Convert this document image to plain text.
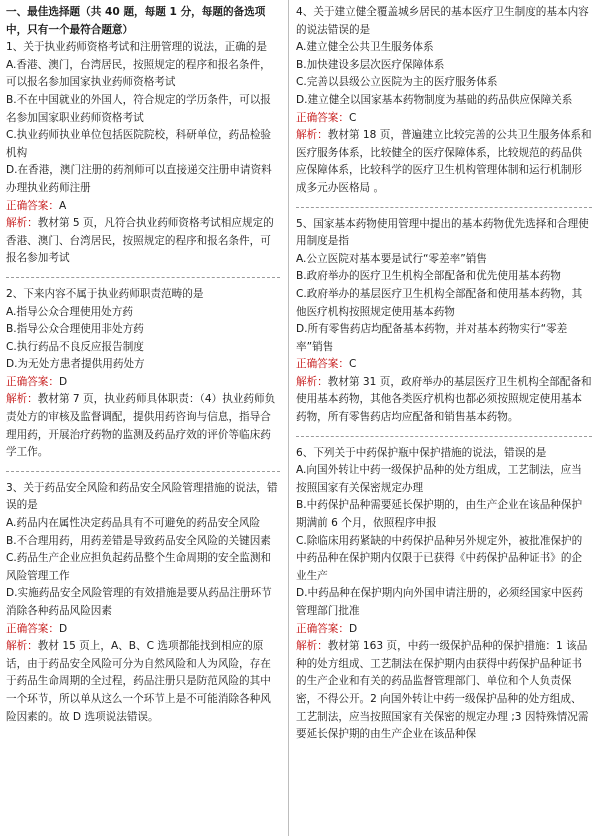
一、最佳选择题（共 40 题，每题 1 分，每题的备选项中，只有一个最符合题意）

1、关于执业药师资格考试和注册管理的说法，正确的是

A.香港、澳门，台湾居民，按照规定的程序和报名条件，可以报名参加国家执业药师资格考试

B.不在中国就业的外国人，符合规定的学历条件，可以报名参加国家职业药师资格考试

C.执业药师执业单位包括医院院校，科研单位，药品检验机构

D.在香港，澳门注册的药剂师可以直接递交注册申请资料办理执业药师注册

正确答案：A

解析：教材第 5 页，凡符合执业药师资格考试相应规定的香港、澳门、台湾居民，按照规定的程序和报名条件，可报名参加考试

2、下来内容不属于执业药师职责范畴的是

A.指导公众合理使用处方药

B.指导公众合理使用非处方药

C.执行药品不良反应报告制度

D.为无处方患者提供用药处方

正确答案：D

解析：教材第 7 页，执业药师具体职责：（4）执业药师负责处方的审核及监督调配，提供用药咨询与信息，指导合理用药，开展治疗药物的监测及药品疗效的评价等临床药学工作。

3、关于药品安全风险和药品安全风险管理措施的说法，错误的是

A.药品内在属性决定药品具有不可避免的药品安全风险

B.不合理用药，用药差错是导致药品安全风险的关键因素

C.药品生产企业应担负起药品整个生命周期的安全监测和风险管理工作

D.实施药品安全风险管理的有效措施是要从药品注册环节消除各种药品风险因素

正确答案：D

解析：教材 15 页上，A、B、C 选项都能找到相应的原话，由于药品安全风险可分为自然风险和人为风险，存在于药品生命周期的全过程，药品注册只是防范风险的其中一个环节，所以单从这么一个环节上是不可能消除各种风险因素的。故 D 选项说法错误。

4、关于建立健全覆盖城乡居民的基本医疗卫生制度的基本内容的说法错误的是

A.建立健全公共卫生服务体系

B.加快建设多层次医疗保障体系

C.完善以县级公立医院为主的医疗服务体系

D.建立健全以国家基本药物制度为基础的药品供应保障关系

正确答案：C

解析：教材第 18 页，普遍建立比较完善的公共卫生服务体系和医疗服务体系，比较健全的医疗保障体系，比较规范的药品供应保障体系，比较科学的医疗卫生机构管理体制和运行机制形成多元办医格局 。

5、国家基本药物使用管理中提出的基本药物优先选择和合理使用制度是指

A.公立医院对基本要是试行“零差率”销售

B.政府举办的医疗卫生机构全部配备和优先使用基本药物

C.政府举办的基层医疗卫生机构全部配备和使用基本药物，其他医疗机构按照规定使用基本药物

D.所有零售药店均配备基本药物，并对基本药物实行“零差率”销售

正确答案：C

解析：教材第 31 页，政府举办的基层医疗卫生机构全部配备和使用基本药物，其他各类医疗机构也都必须按照规定使用基本药物，所有零售药店均应配备和销售基本药物。

6、下列关于中药保护瓶中保护措施的说法，错误的是

A.向国外转让中药一级保护品种的处方组成，工艺制法，应当按照国家有关保密规定办理

B.中药保护品种需要延长保护期的，由生产企业在该品种保护期满前 6 个月，依照程序申报

C.除临床用药紧缺的中药保护品种另外规定外，被批准保护的中药品种在保护期内仅限于已获得《中药保护品种证书》的企业生产

D.中药品种在保护期内向外国申请注册的，必须经国家中医药管理部门批准

正确答案：D

解析：教材第 163 页，中药一级保护品种的保护措施：1 该品种的处方组成、工艺制法在保护期内由获得中药保护品种证书的生产企业和有关的药品监督管理部门、单位和个人负责保密，不得公开。2 向国外转让中药一级保护品种的处方组成、工艺制法，应当按照国家有关保密的规定办理 ;3 因特殊情况需要延长保护期的由生产企业在该品种保
